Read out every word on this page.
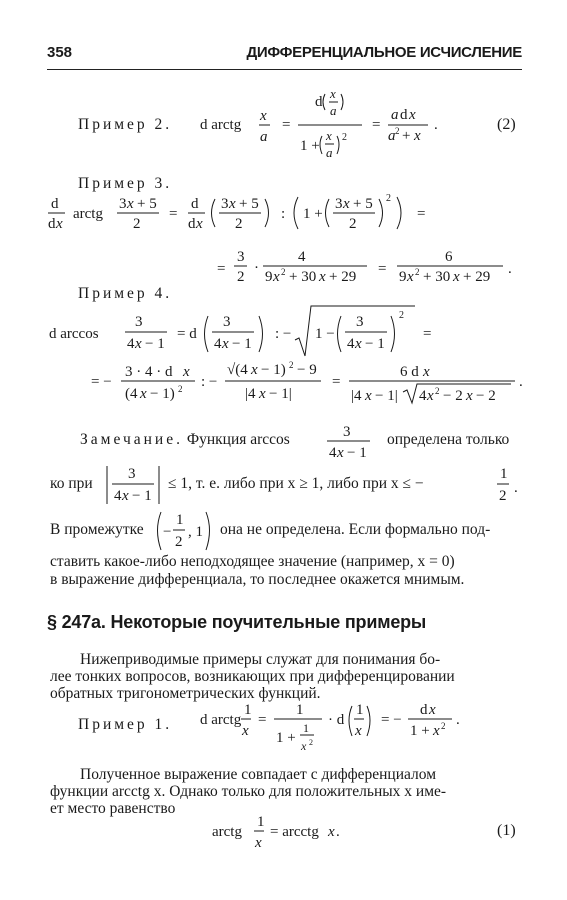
358	ДИФФЕРЕНЦИАЛЬНОЕ ИСЧИСЛЕНИЕ
Пример 2. d arctg
x
a
=
d
x
a
1 +
x
a
2
=
a d x
a 2 + x
.	(2)
Пример 3.
d
d x
arctg
3 x + 5
2
=
d
d x
3 x + 5
2
: 1 +
3 x + 5
2
2
=
=
3
2
·
4
9 x 2 + 30 x + 29 =
6
9 x 2 + 30 x + 29 .
Пример 4.
d arccos
3
4 x − 1
= d
3
4 x − 1
: − 1 −
3
4 x − 1
2
=
= −
3 · 4 · d x
(4 x − 1) 2 : −
√(4 x − 1) 2 − 9
|4 x − 1|
=
6 d x
|4 x − 1| 4 x 2 − 2 x − 2
.
Замечание. Функция arccos	3
4 x − 1
определена только
ко при
3
4 x − 1
≤ 1, т. е. либо при x ≥ 1, либо при x ≤ −
1
2 .
В промежутке −
1
2
, 1 она не определена. Если формально под-
ставить какое-либо неподходящее значение (например, x = 0)
в выражение дифференциала, то последнее окажется мнимым.
§ 247а. Некоторые поучительные примеры
Нижеприводимые примеры служат для понимания бо-
лее тонких вопросов, возникающих при дифференцировании
обратных тригонометрических функций.
Пример 1. d arctg
1
x
=
1
1 +
1
x 2
· d
1
x
= −
d x
1 + x 2 .
Полученное выражение совпадает с дифференциалом
функции arcctg x. Однако только для положительных x име-
ет место равенство
arctg
1
x
= arcctg x .	(1)
